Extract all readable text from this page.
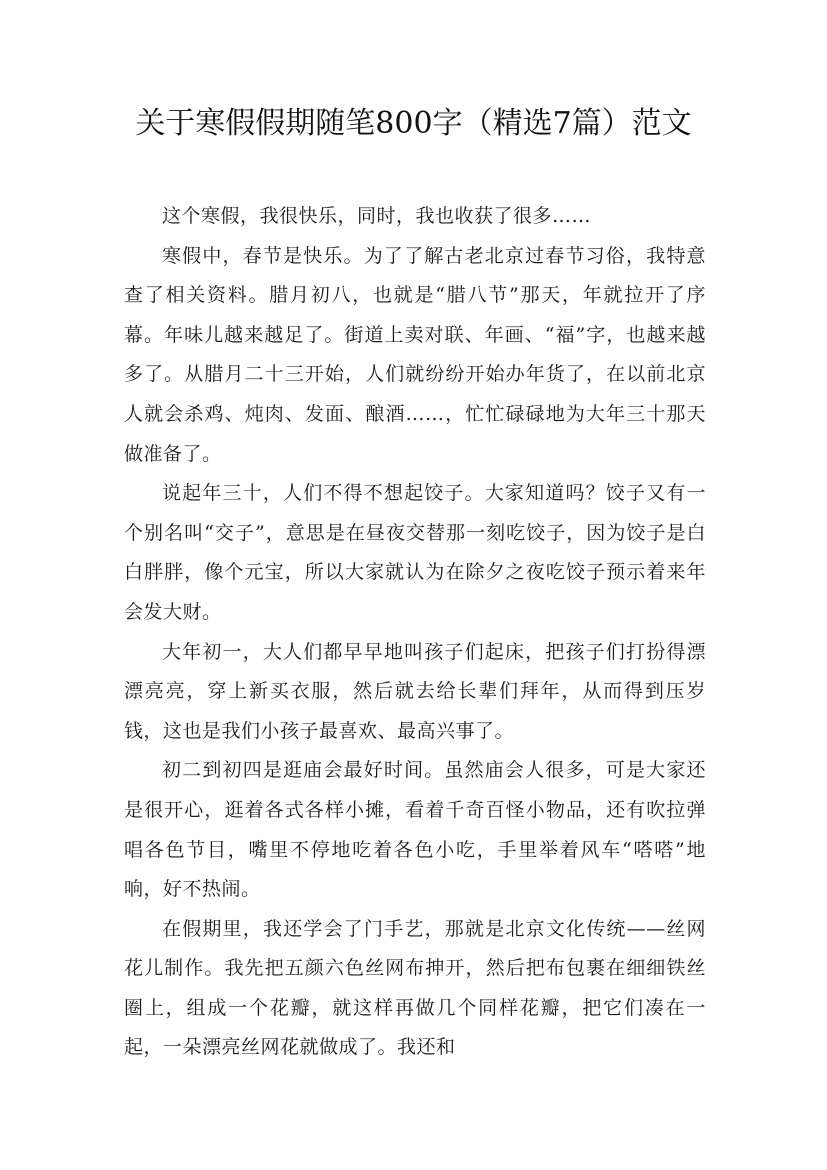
关于寒假假期随笔800字（精选7篇）范文

这个寒假，我很快乐，同时，我也收获了很多……

寒假中，春节是快乐。为了了解古老北京过春节习俗，我特意查了相关资料。腊月初八，也就是“腊八节”那天，年就拉开了序幕。年味儿越来越足了。街道上卖对联、年画、“福”字，也越来越多了。从腊月二十三开始，人们就纷纷开始办年货了，在以前北京人就会杀鸡、炖肉、发面、酿酒……，忙忙碌碌地为大年三十那天做准备了。

说起年三十，人们不得不想起饺子。大家知道吗？饺子又有一个别名叫“交子”，意思是在昼夜交替那一刻吃饺子，因为饺子是白白胖胖，像个元宝，所以大家就认为在除夕之夜吃饺子预示着来年会发大财。

大年初一，大人们都早早地叫孩子们起床，把孩子们打扮得漂漂亮亮，穿上新买衣服，然后就去给长辈们拜年，从而得到压岁钱，这也是我们小孩子最喜欢、最高兴事了。

初二到初四是逛庙会最好时间。虽然庙会人很多，可是大家还是很开心，逛着各式各样小摊，看着千奇百怪小物品，还有吹拉弹唱各色节目，嘴里不停地吃着各色小吃，手里举着风车“嗒嗒”地响，好不热闹。

在假期里，我还学会了门手艺，那就是北京文化传统——丝网花儿制作。我先把五颜六色丝网布抻开，然后把布包裹在细细铁丝圈上，组成一个花瓣，就这样再做几个同样花瓣，把它们凑在一起，一朵漂亮丝网花就做成了。我还和
